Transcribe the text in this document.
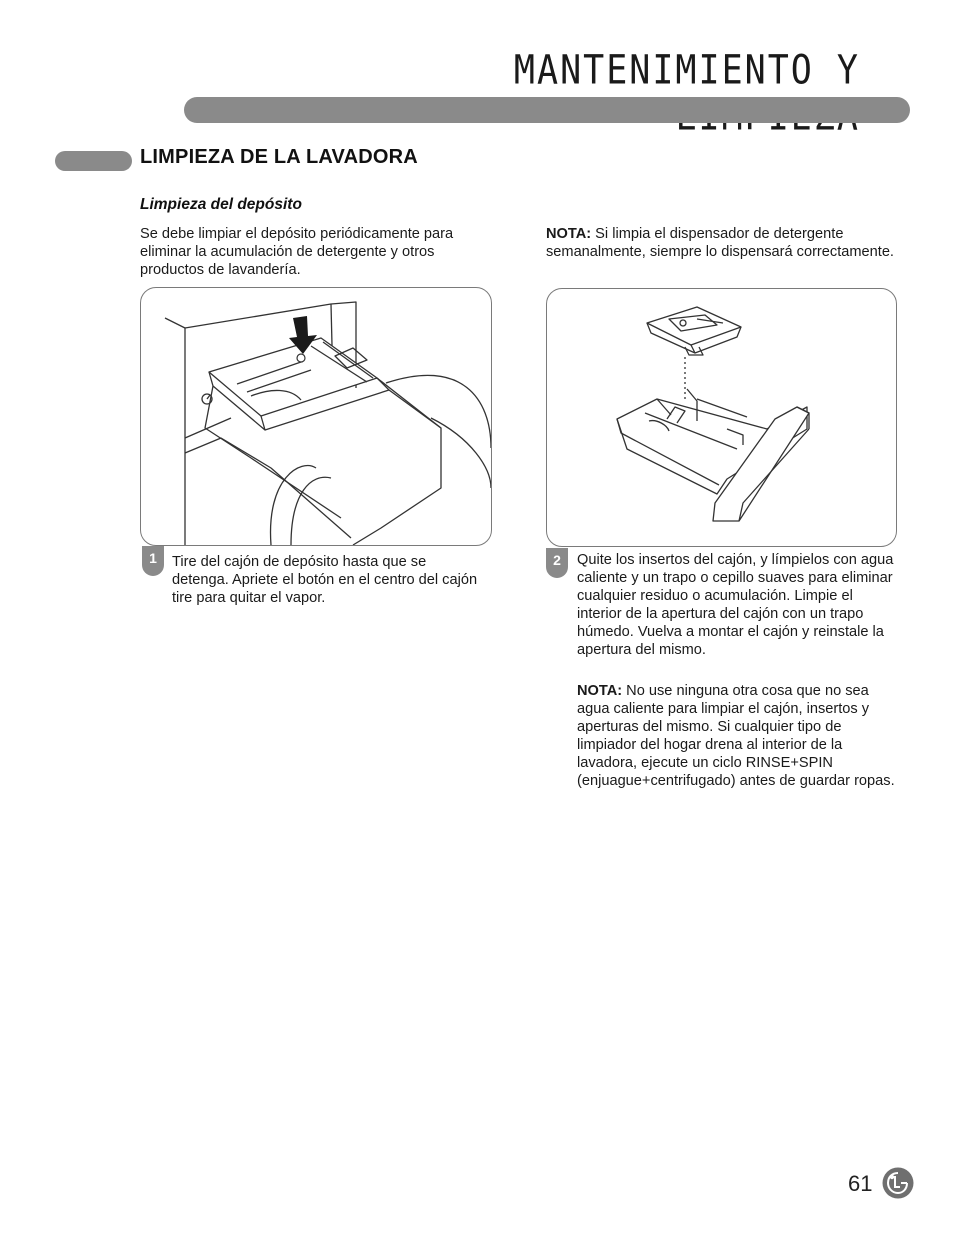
MANTENIMIENTO Y
LIMPIEZA DE LA LAVADORA
Limpieza del depósito
Se debe limpiar el depósito periódicamente para eliminar la acumulación de detergente y otros productos de lavandería.
NOTA: Si limpia el dispensador de detergente semanalmente, siempre lo dispensará correctamente.
1	Tire del cajón de depósito hasta que se detenga. Apriete el botón en el centro del cajón tire para quitar el vapor.
2	Quite los insertos del cajón, y límpielos con agua caliente y un trapo o cepillo suaves para eliminar cualquier residuo o acumulación. Limpie el interior de la apertura del cajón con un trapo húmedo. Vuelva a montar el cajón y reinstale la apertura del mismo.
NOTA: No use ninguna otra cosa que no sea agua caliente para limpiar el cajón, insertos y aperturas del mismo. Si cualquier tipo de limpiador del hogar drena al interior de la lavadora, ejecute un ciclo RINSE+SPIN (enjuague+centrifugado) antes de guardar ropas.
61
